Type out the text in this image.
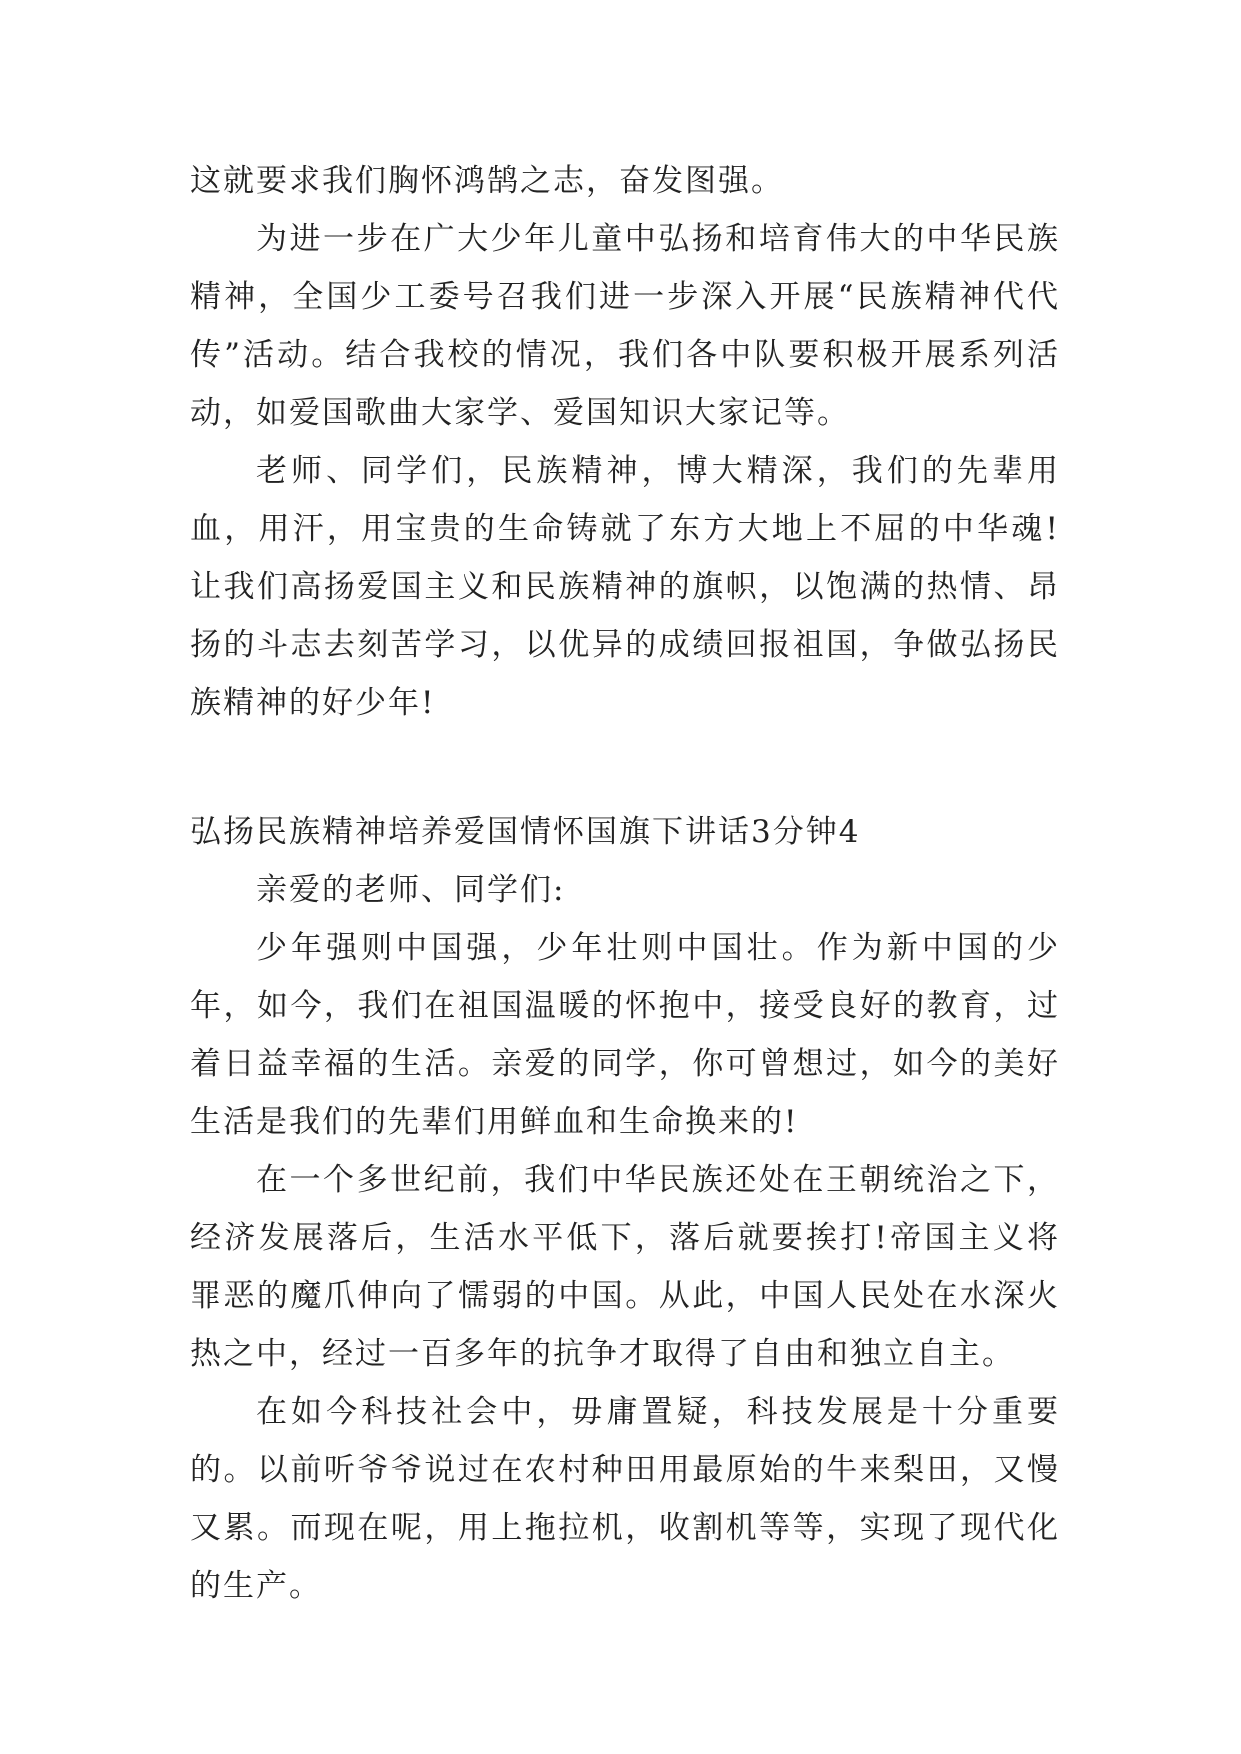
这就要求我们胸怀鸿鹄之志，奋发图强。

为进一步在广大少年儿童中弘扬和培育伟大的中华民族精神，全国少工委号召我们进一步深入开展“民族精神代代传”活动。结合我校的情况，我们各中队要积极开展系列活动，如爱国歌曲大家学、爱国知识大家记等。

老师、同学们，民族精神，博大精深，我们的先辈用血，用汗，用宝贵的生命铸就了东方大地上不屈的中华魂!让我们高扬爱国主义和民族精神的旗帜，以饱满的热情、昂扬的斗志去刻苦学习，以优异的成绩回报祖国，争做弘扬民族精神的好少年!

弘扬民族精神培养爱国情怀国旗下讲话3分钟4

亲爱的老师、同学们:

少年强则中国强，少年壮则中国壮。作为新中国的少年，如今，我们在祖国温暖的怀抱中，接受良好的教育，过着日益幸福的生活。亲爱的同学，你可曾想过，如今的美好生活是我们的先辈们用鲜血和生命换来的!

在一个多世纪前，我们中华民族还处在王朝统治之下，经济发展落后，生活水平低下，落后就要挨打!帝国主义将罪恶的魔爪伸向了懦弱的中国。从此，中国人民处在水深火热之中，经过一百多年的抗争才取得了自由和独立自主。

在如今科技社会中，毋庸置疑，科技发展是十分重要的。以前听爷爷说过在农村种田用最原始的牛来梨田，又慢又累。而现在呢，用上拖拉机，收割机等等，实现了现代化的生产。
